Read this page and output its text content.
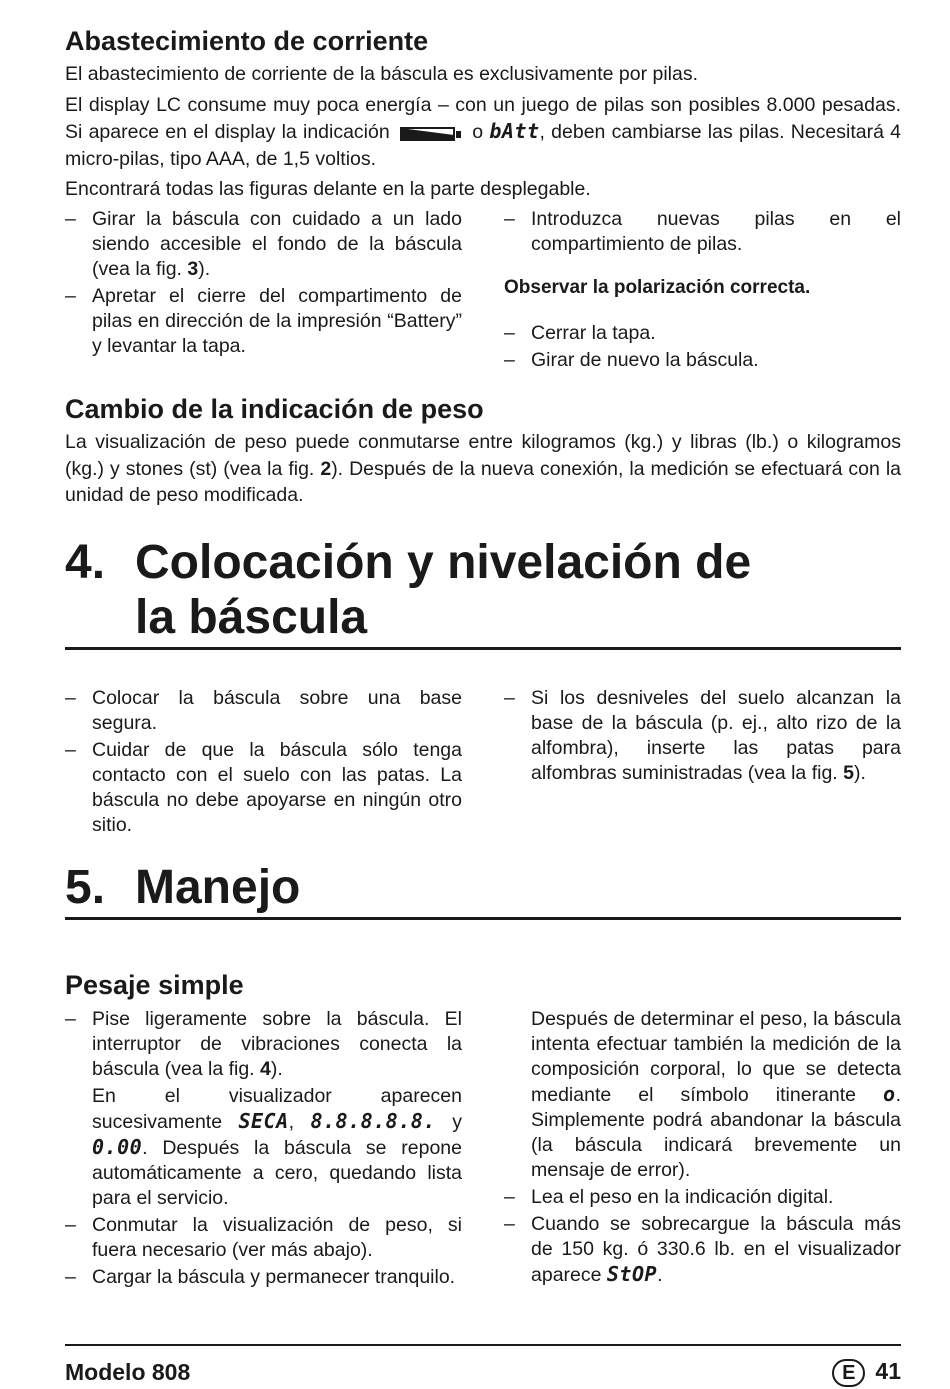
Abastecimiento de corriente

El abastecimiento de corriente de la báscula es exclusivamente por pilas.

El display LC consume muy poca energía – con un juego de pilas son posibles 8.000 pesadas. Si aparece en el display la indicación	o bAtt, deben cambiarse las pilas. Necesitará 4 micro-pilas, tipo AAA, de 1,5 voltios.

Encontrará todas las figuras delante en la parte desplegable.

– Girar la báscula con cuidado a un lado siendo accesible el fondo de la báscula (vea la fig. 3).
– Apretar el cierre del compartimento de pilas en dirección de la impresión “Battery” y levantar la tapa.
– Introduzca nuevas pilas en el compartimiento de pilas.

Observar la polarización correcta.

– Cerrar la tapa.
– Girar de nuevo la báscula.
Cambio de la indicación de peso

La visualización de peso puede conmutarse entre kilogramos (kg.) y libras (lb.) o kilogramos (kg.) y stones (st) (vea la fig. 2). Después de la nueva conexión, la medición se efectuará con la unidad de peso modificada.

4. Colocación y nivelación de la báscula
– Colocar la báscula sobre una base segura.
– Cuidar de que la báscula sólo tenga contacto con el suelo con las patas. La báscula no debe apoyarse en ningún otro sitio.
– Si los desniveles del suelo alcanzan la base de la báscula (p. ej., alto rizo de la alfombra), inserte las patas para alfombras suministradas (vea la fig. 5).
5. Manejo
Pesaje simple
– Pise ligeramente sobre la báscula. El interruptor de vibraciones conecta la báscula (vea la fig. 4).
En el visualizador aparecen sucesivamente SECA, 8.8.8.8.8. y 0.00. Después la báscula se repone automáticamente a cero, quedando lista para el servicio.
– Conmutar la visualización de peso, si fuera necesario (ver más abajo).
– Cargar la báscula y permanecer tranquilo.
Después de determinar el peso, la báscula intenta efectuar también la medición de la composición corporal, lo que se detecta mediante el símbolo itinerante o. Simplemente podrá abandonar la báscula (la báscula indicará brevemente un mensaje de error).
– Lea el peso en la indicación digital.
– Cuando se sobrecargue la báscula más de 150 kg. ó 330.6 lb. en el visualizador aparece StOP.
Modelo 808	E 41
